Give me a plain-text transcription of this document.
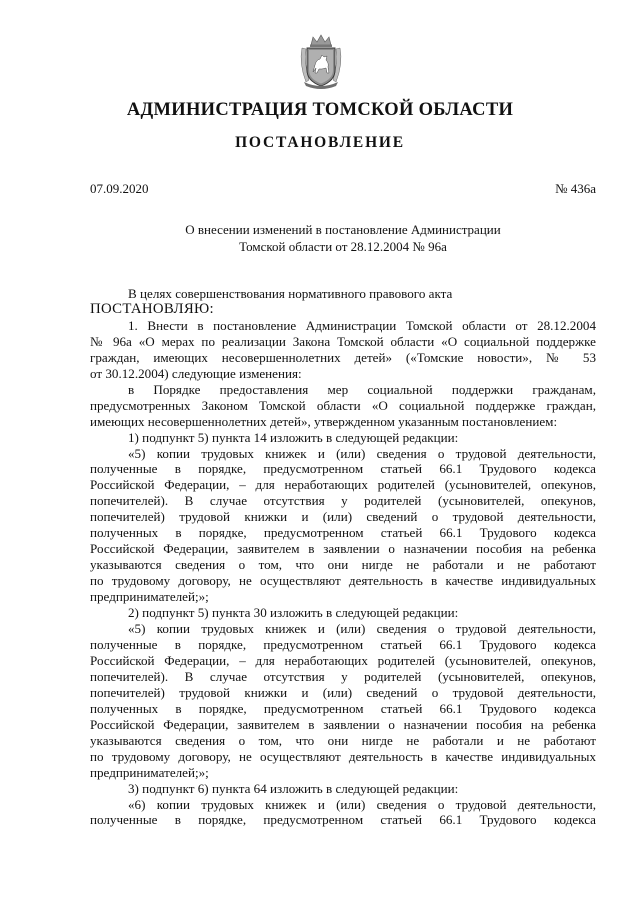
АДМИНИСТРАЦИЯ ТОМСКОЙ ОБЛАСТИ
ПОСТАНОВЛЕНИЕ
07.09.2020	№ 436а
О внесении изменений в постановление Администрации
Томской области от 28.12.2004 № 96а
В целях совершенствования нормативного правового акта
ПОСТАНОВЛЯЮ:
1. Внести в постановление Администрации Томской области от 28.12.2004
№ 96а «О мерах по реализации Закона Томской области «О социальной поддержке
граждан, имеющих несовершеннолетних детей» («Томские новости», № 53
от 30.12.2004) следующие изменения:
в Порядке предоставления мер социальной поддержки гражданам,
предусмотренных Законом Томской области «О социальной поддержке граждан,
имеющих несовершеннолетних детей», утвержденном указанным постановлением:
1) подпункт 5) пункта 14 изложить в следующей редакции:
«5) копии трудовых книжек и (или) сведения о трудовой деятельности,
полученные в порядке, предусмотренном статьей 66.1 Трудового кодекса
Российской Федерации, – для неработающих родителей (усыновителей, опекунов,
попечителей). В случае отсутствия у родителей (усыновителей, опекунов,
попечителей) трудовой книжки и (или) сведений о трудовой деятельности,
полученных в порядке, предусмотренном статьей 66.1 Трудового кодекса
Российской Федерации, заявителем в заявлении о назначении пособия на ребенка
указываются сведения о том, что они нигде не работали и не работают
по трудовому договору, не осуществляют деятельность в качестве индивидуальных
предпринимателей;»;
2) подпункт 5) пункта 30 изложить в следующей редакции:
«5) копии трудовых книжек и (или) сведения о трудовой деятельности,
полученные в порядке, предусмотренном статьей 66.1 Трудового кодекса
Российской Федерации, – для неработающих родителей (усыновителей, опекунов,
попечителей). В случае отсутствия у родителей (усыновителей, опекунов,
попечителей) трудовой книжки и (или) сведений о трудовой деятельности,
полученных в порядке, предусмотренном статьей 66.1 Трудового кодекса
Российской Федерации, заявителем в заявлении о назначении пособия на ребенка
указываются сведения о том, что они нигде не работали и не работают
по трудовому договору, не осуществляют деятельность в качестве индивидуальных
предпринимателей;»;
3) подпункт 6) пункта 64 изложить в следующей редакции:
«6) копии трудовых книжек и (или) сведения о трудовой деятельности,
полученные в порядке, предусмотренном статьей 66.1 Трудового кодекса
